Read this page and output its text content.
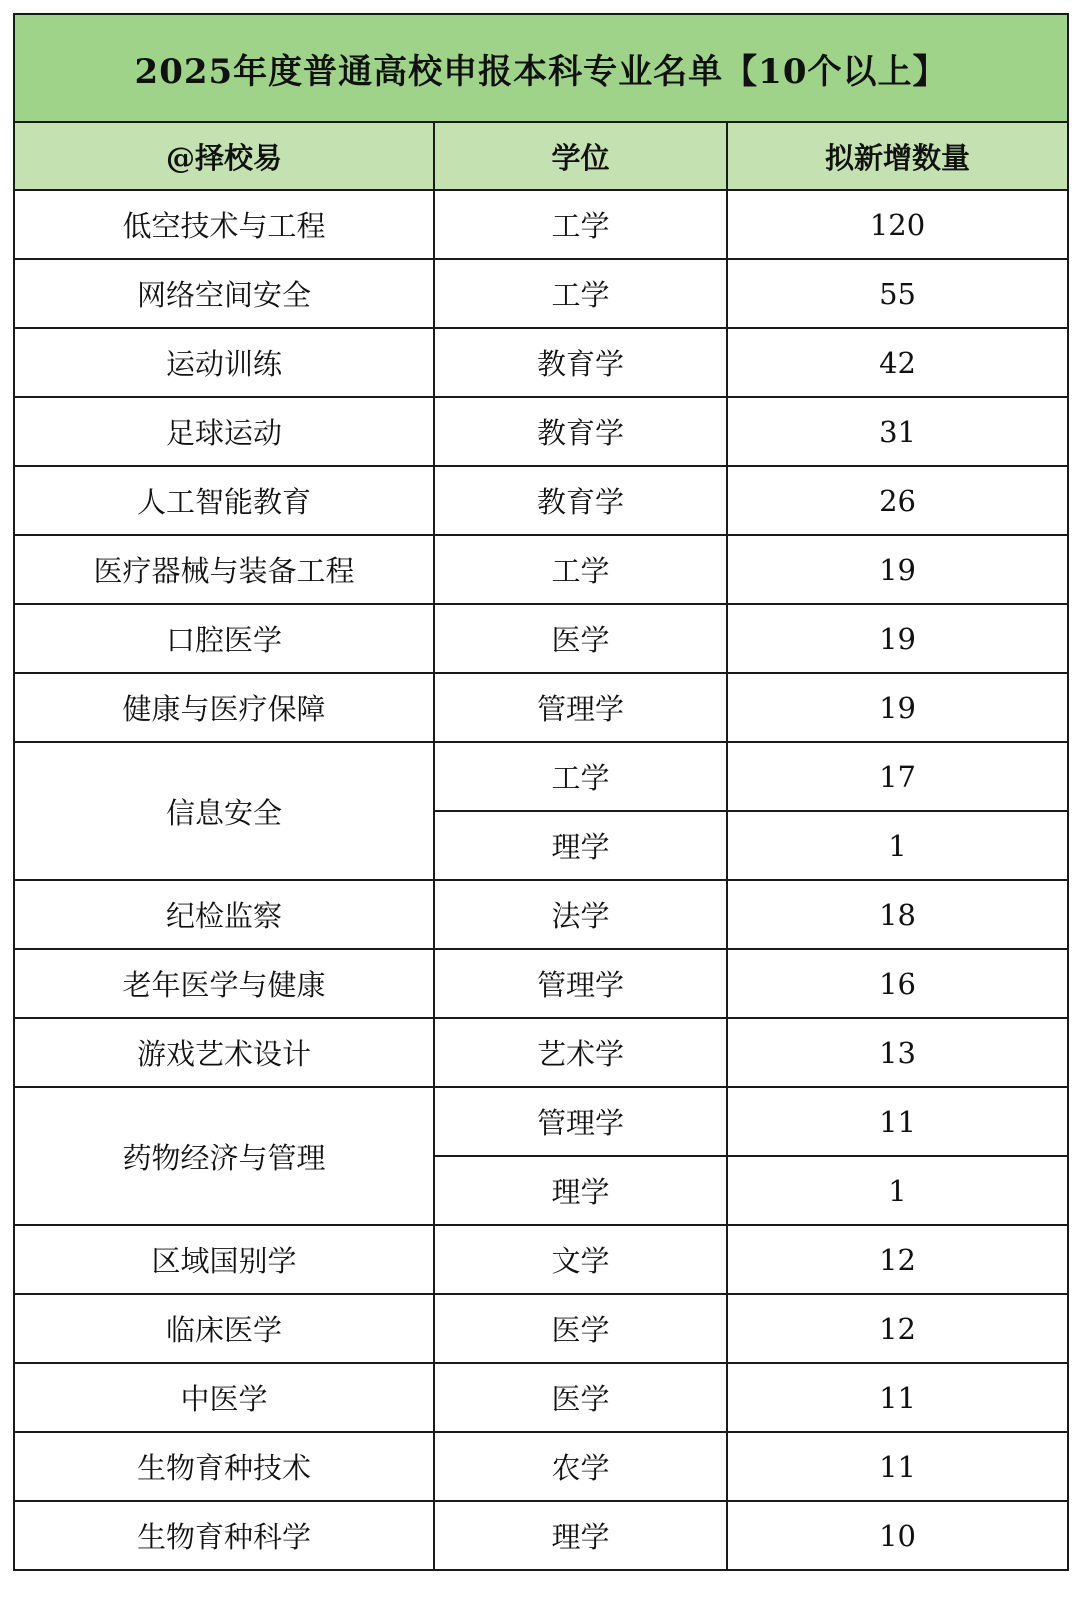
2025年度普通高校申报本科专业名单【10个以上】		
@择校易	学位	拟新增数量
低空技术与工程	工学	120
网络空间安全	工学	55
运动训练	教育学	42
足球运动	教育学	31
人工智能教育	教育学	26
医疗器械与装备工程	工学	19
口腔医学	医学	19
健康与医疗保障	管理学	19
信息安全	工学	17
	理学	1
纪检监察	法学	18
老年医学与健康	管理学	16
游戏艺术设计	艺术学	13
药物经济与管理	管理学	11
	理学	1
区域国别学	文学	12
临床医学	医学	12
中医学	医学	11
生物育种技术	农学	11
生物育种科学	理学	10
